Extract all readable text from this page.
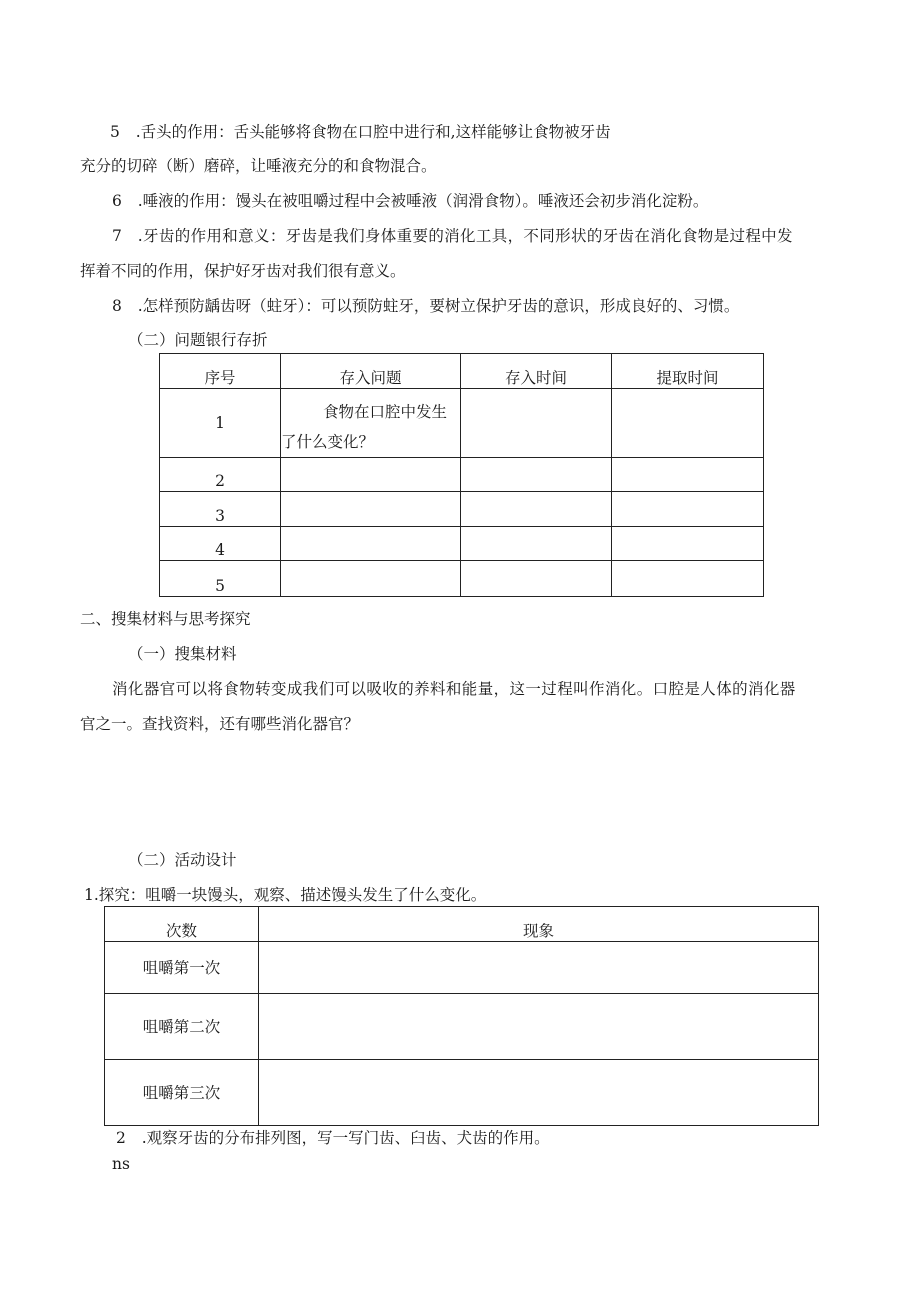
5 .舌头的作用：舌头能够将食物在口腔中进行和,这样能够让食物被牙齿
充分的切碎（断）磨碎，让唾液充分的和食物混合。
6 .唾液的作用：馒头在被咀嚼过程中会被唾液（润滑食物）。唾液还会初步消化淀粉。
7 .牙齿的作用和意义：牙齿是我们身体重要的消化工具，不同形状的牙齿在消化食物是过程中发
挥着不同的作用，保护好牙齿对我们很有意义。
8 .怎样预防龋齿呀（蛀牙）：可以预防蛀牙，要树立保护牙齿的意识，形成良好的、习惯。
（二）问题银行存折
序号	存入问题	存入时间	提取时间
1	食物在口腔中发生
了什么变化？		

2			
3			
4			
5			
二、搜集材料与思考探究
（一）搜集材料
消化器官可以将食物转变成我们可以吸收的养料和能量，这一过程叫作消化。口腔是人体的消化器
官之一。查找资料，还有哪些消化器官？
（二）活动设计
1.探究：咀嚼一块馒头，观察、描述馒头发生了什么变化。
次数	现象
咀嚼第一次	
咀嚼第二次	
咀嚼第三次	
2 .观察牙齿的分布排列图，写一写门齿、臼齿、犬齿的作用。
ns
